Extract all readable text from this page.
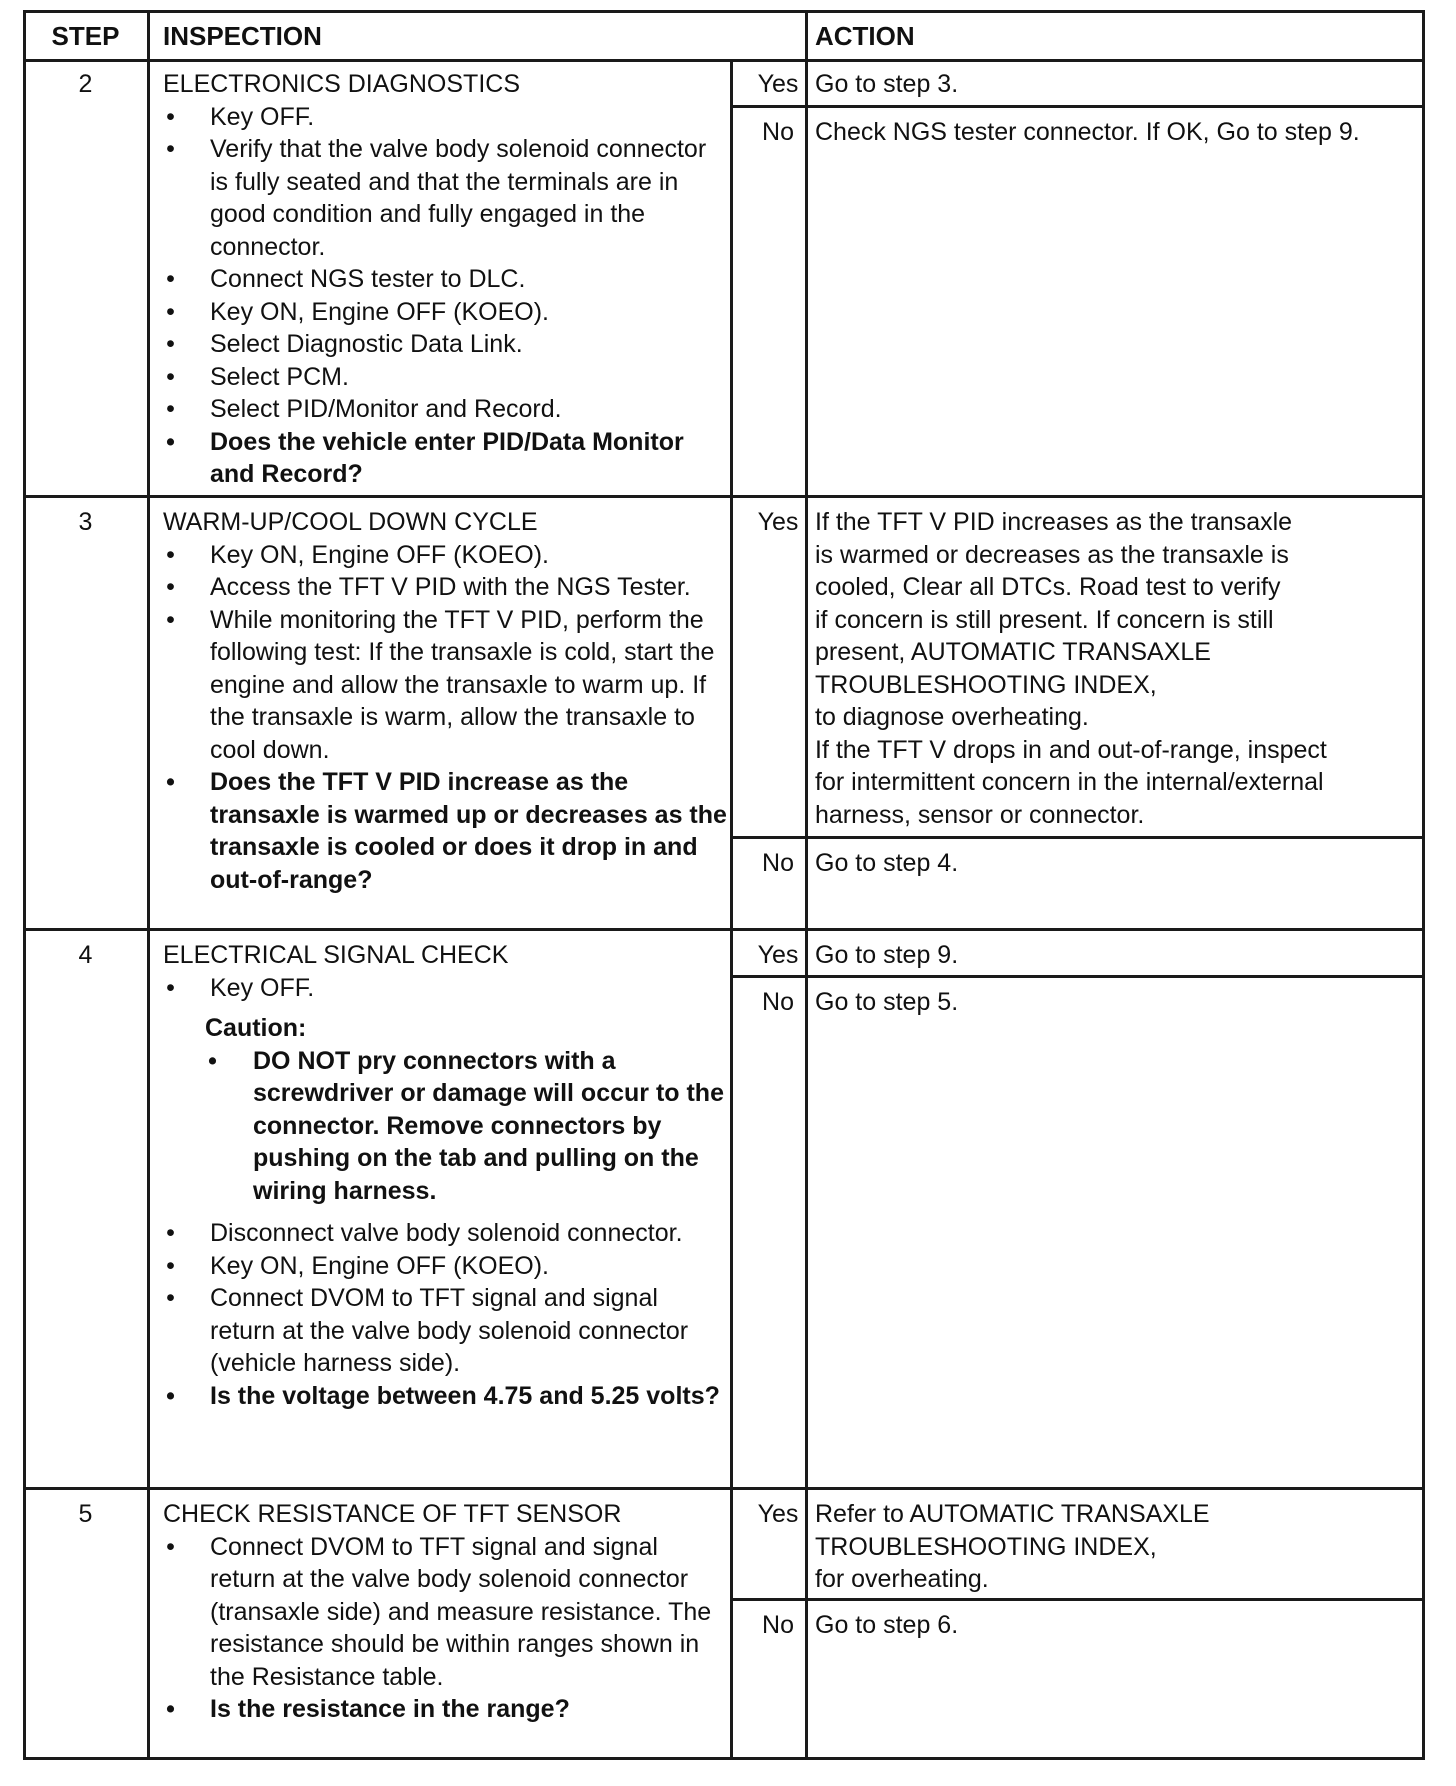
STEP	INSPECTION	ACTION
2	ELECTRONICS DIAGNOSTICS
• Key OFF.
• Verify that the valve body solenoid connector is fully seated and that the terminals are in good condition and fully engaged in the connector.
• Connect NGS tester to DLC.
• Key ON, Engine OFF (KOEO).
• Select Diagnostic Data Link.
• Select PCM.
• Select PID/Monitor and Record.
• Does the vehicle enter PID/Data Monitor and Record?
Yes Go to step 3.
No Check NGS tester connector. If OK, Go to step 9.
3	WARM-UP/COOL DOWN CYCLE
• Key ON, Engine OFF (KOEO).
• Access the TFT V PID with the NGS Tester.
• While monitoring the TFT V PID, perform the following test: If the transaxle is cold, start the engine and allow the transaxle to warm up. If the transaxle is warm, allow the transaxle to cool down.
• Does the TFT V PID increase as the transaxle is warmed up or decreases as the transaxle is cooled or does it drop in and out-of-range?
Yes If the TFT V PID increases as the transaxle
is warmed or decreases as the transaxle is
cooled, Clear all DTCs. Road test to verify
if concern is still present. If concern is still
present, AUTOMATIC TRANSAXLE
TROUBLESHOOTING INDEX,
to diagnose overheating.
If the TFT V drops in and out-of-range, inspect
for intermittent concern in the internal/external
harness, sensor or connector.
No Go to step 4.
4	ELECTRICAL SIGNAL CHECK
• Key OFF.
Caution:
• DO NOT pry connectors with a screwdriver or damage will occur to the connector. Remove connectors by pushing on the tab and pulling on the wiring harness.
• Disconnect valve body solenoid connector.
• Key ON, Engine OFF (KOEO).
• Connect DVOM to TFT signal and signal return at the valve body solenoid connector (vehicle harness side).
• Is the voltage between 4.75 and 5.25 volts?
Yes Go to step 9.
No Go to step 5.
5	CHECK RESISTANCE OF TFT SENSOR
• Connect DVOM to TFT signal and signal return at the valve body solenoid connector (transaxle side) and measure resistance. The resistance should be within ranges shown in the Resistance table.
• Is the resistance in the range?
Yes Refer to AUTOMATIC TRANSAXLE
TROUBLESHOOTING INDEX,
for overheating.
No Go to step 6.
